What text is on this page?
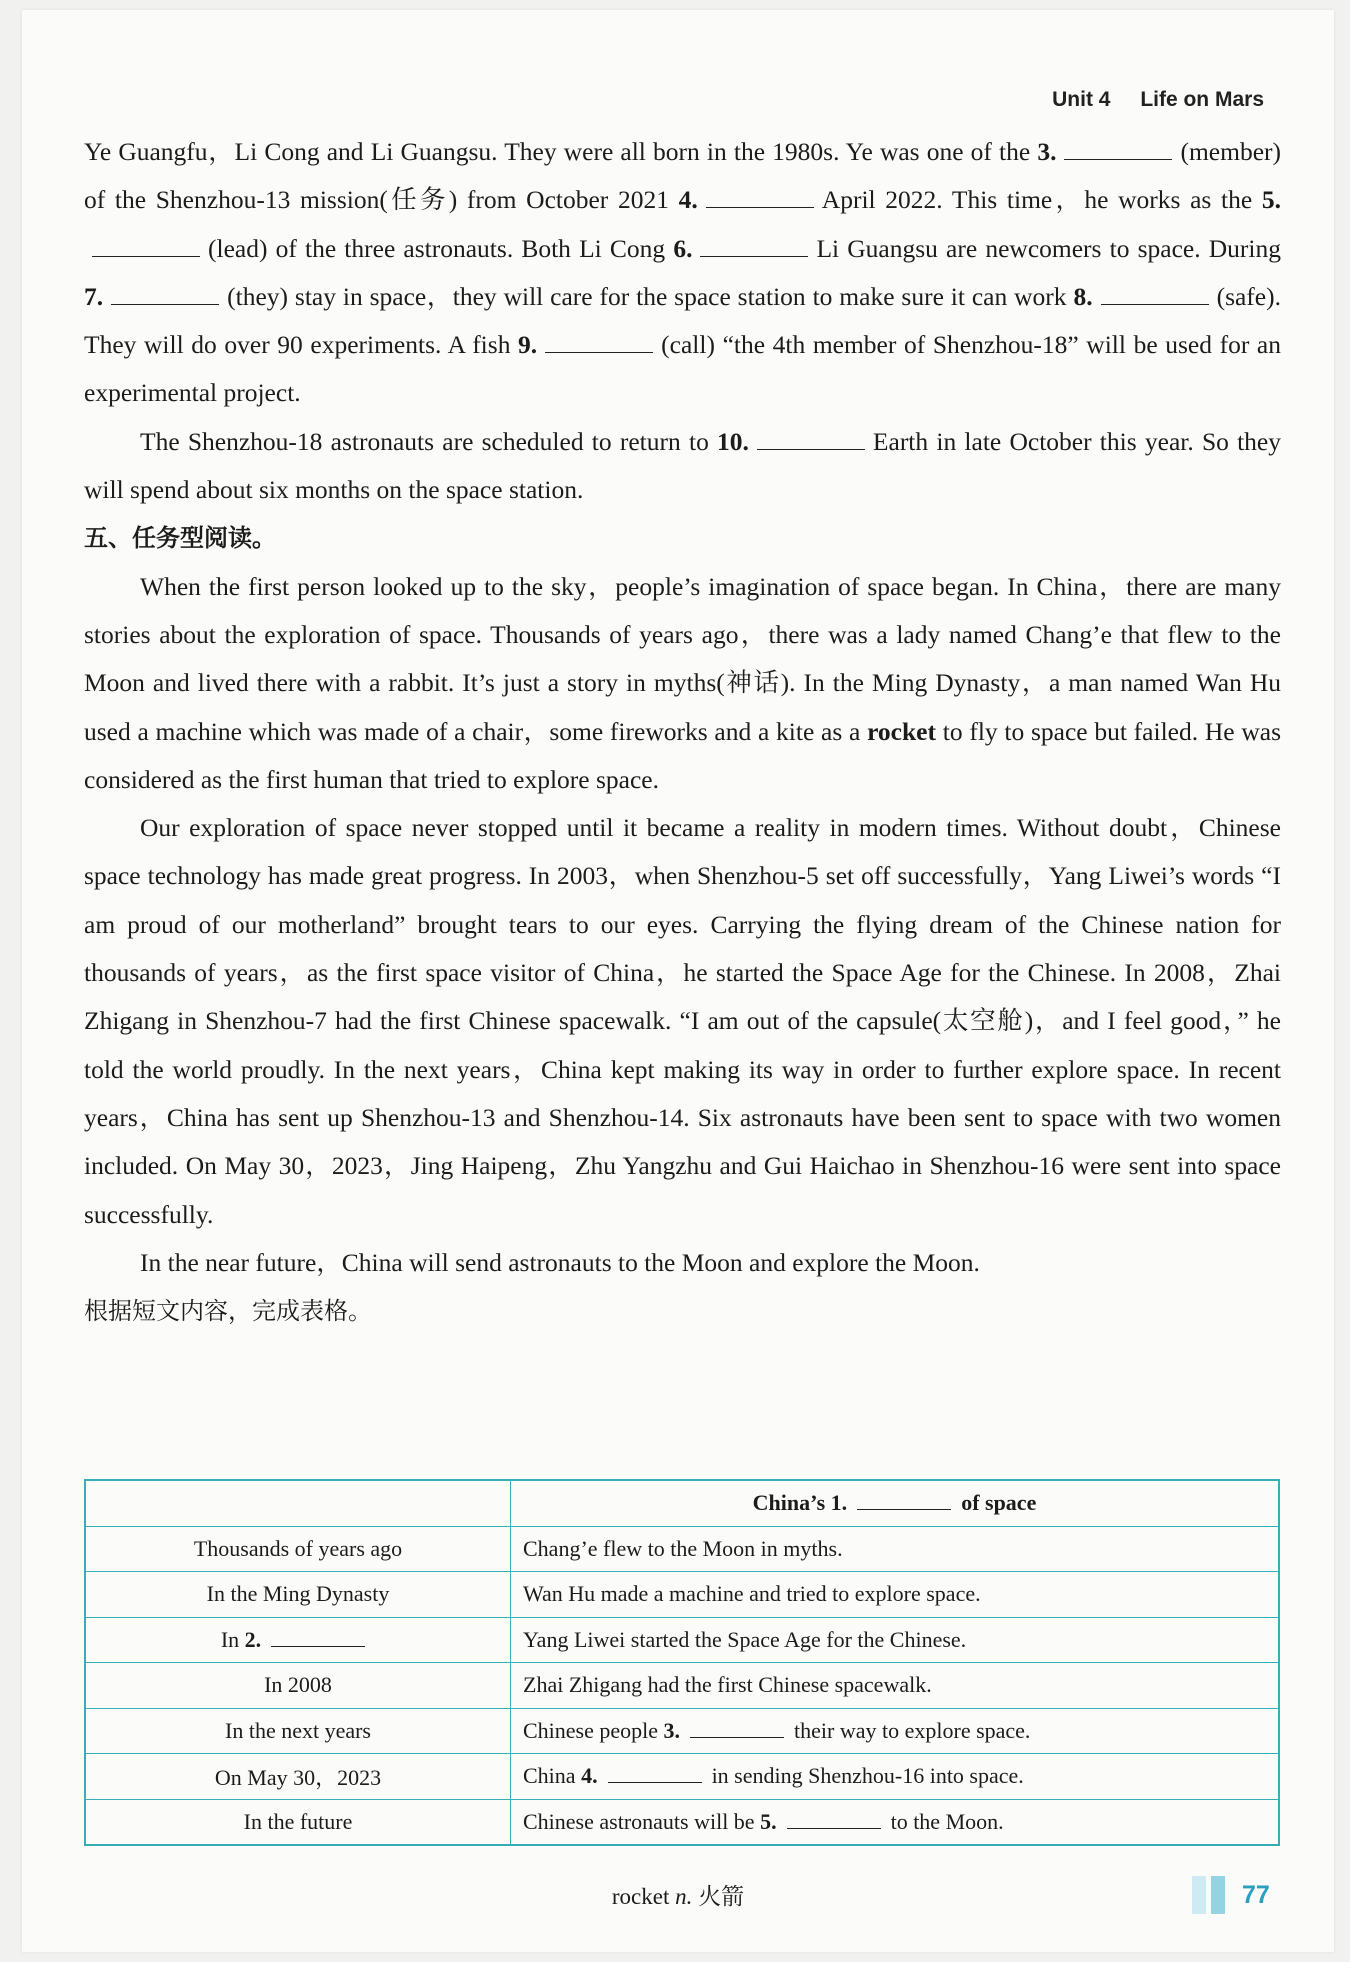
Unit 4 Life on Mars

Ye Guangfu，Li Cong and Li Guangsu. They were all born in the 1980s. Ye was one of the 3.	(member) of the Shenzhou-13 mission(任务) from October 2021 4.	April 2022. This time，he works as the 5.(lead) of the three astronauts. Both Li Cong 6.	Li Guangsu are newcomers to space. During 7.	(they) stay in space，they will care for the space station to make sure it can work 8.	(safe). They will do over 90 experiments. A fish 9.	(call) “the 4th member of Shenzhou-18” will be used for an experimental project.

The Shenzhou-18 astronauts are scheduled to return to 10.	Earth in late October this year. So they will spend about six months on the space station.

五、任务型阅读。

When the first person looked up to the sky，people’s imagination of space began. In China，there are many stories about the exploration of space. Thousands of years ago，there was a lady named Chang’e that flew to the Moon and lived there with a rabbit. It’s just a story in myths(神话). In the Ming Dynasty，a man named Wan Hu used a machine which was made of a chair，some fireworks and a kite as a rocket to fly to space but failed. He was considered as the first human that tried to explore space.

Our exploration of space never stopped until it became a reality in modern times. Without doubt，Chinese space technology has made great progress. In 2003，when Shenzhou-5 set off successfully，Yang Liwei’s words “I am proud of our motherland” brought tears to our eyes. Carrying the flying dream of the Chinese nation for thousands of years，as the first space visitor of China，he started the Space Age for the Chinese. In 2008，Zhai Zhigang in Shenzhou-7 had the first Chinese spacewalk. “I am out of the capsule(太空舱)，and I feel good，” he told the world proudly. In the next years，China kept making its way in order to further explore space. In recent years，China has sent up Shenzhou-13 and Shenzhou-14. Six astronauts have been sent to space with two women included. On May 30，2023，Jing Haipeng，Zhu Yangzhu and Gui Haichao in Shenzhou-16 were sent into space successfully.

In the near future，China will send astronauts to the Moon and explore the Moon.

根据短文内容，完成表格。

	China’s 1. of space
Thousands of years ago	Chang’e flew to the Moon in myths.
In the Ming Dynasty	Wan Hu made a machine and tried to explore space.
In 2.	Yang Liwei started the Space Age for the Chinese.
In 2008	Zhai Zhigang had the first Chinese spacewalk.
In the next years	Chinese people 3. their way to explore space.
On May 30，2023	China 4. in sending Shenzhou-16 into space.
In the future	Chinese astronauts will be 5. to the Moon.
rocket n. 火箭	77
